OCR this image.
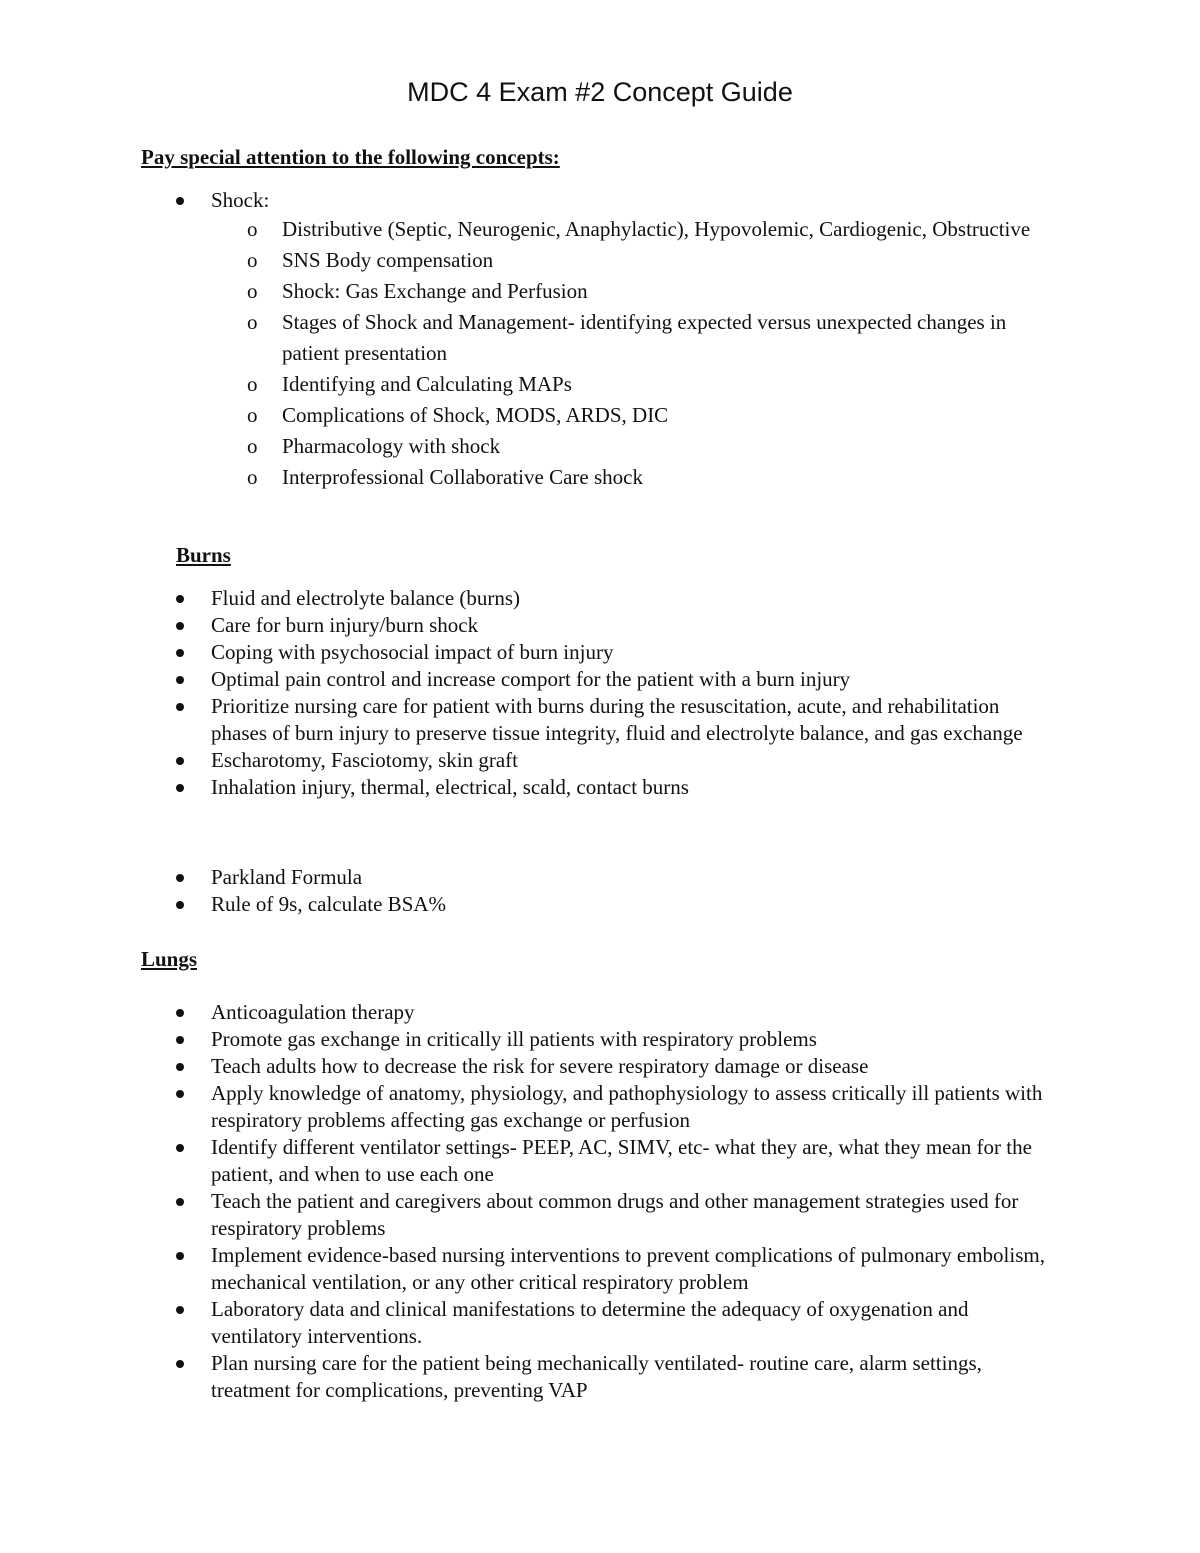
MDC 4 Exam #2 Concept Guide
Pay special attention to the following concepts:
Shock:
o Distributive (Septic, Neurogenic, Anaphylactic), Hypovolemic, Cardiogenic, Obstructive
o SNS Body compensation
o Shock: Gas Exchange and Perfusion
o Stages of Shock and Management- identifying expected versus unexpected changes in patient presentation
o Identifying and Calculating MAPs
o Complications of Shock, MODS, ARDS, DIC
o Pharmacology with shock
o Interprofessional Collaborative Care shock
Burns
Fluid and electrolyte balance (burns)
Care for burn injury/burn shock
Coping with psychosocial impact of burn injury
Optimal pain control and increase comport for the patient with a burn injury
Prioritize nursing care for patient with burns during the resuscitation, acute, and rehabilitation phases of burn injury to preserve tissue integrity, fluid and electrolyte balance, and gas exchange
Escharotomy, Fasciotomy, skin graft
Inhalation injury, thermal, electrical, scald, contact burns
Parkland Formula
Rule of 9s, calculate BSA%
Lungs
Anticoagulation therapy
Promote gas exchange in critically ill patients with respiratory problems
Teach adults how to decrease the risk for severe respiratory damage or disease
Apply knowledge of anatomy, physiology, and pathophysiology to assess critically ill patients with respiratory problems affecting gas exchange or perfusion
Identify different ventilator settings- PEEP, AC, SIMV, etc- what they are, what they mean for the patient, and when to use each one
Teach the patient and caregivers about common drugs and other management strategies used for respiratory problems
Implement evidence-based nursing interventions to prevent complications of pulmonary embolism, mechanical ventilation, or any other critical respiratory problem
Laboratory data and clinical manifestations to determine the adequacy of oxygenation and ventilatory interventions.
Plan nursing care for the patient being mechanically ventilated- routine care, alarm settings, treatment for complications, preventing VAP
